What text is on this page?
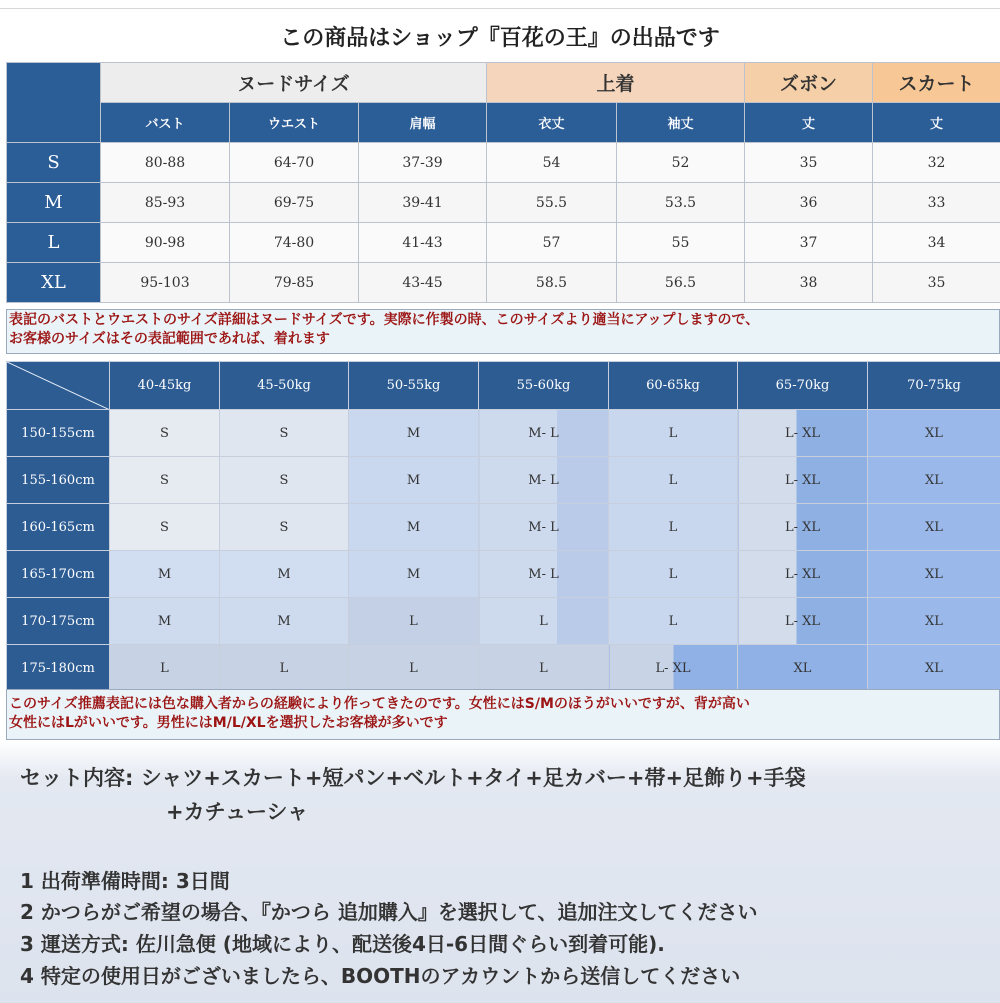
この商品はショップ『百花の王』の出品です
	ヌードサイズ			上着		ズボン	スカート
	バスト	ウエスト	肩幅	衣丈	袖丈	丈	丈
S	80-88	64-70	37-39	54	52	35	32
M	85-93	69-75	39-41	55.5	53.5	36	33
L	90-98	74-80	41-43	57	55	37	34
XL	95-103	79-85	43-45	58.5	56.5	38	35
表記のバストとウエストのサイズ詳細はヌードサイズです。実際に作製の時、このサイズより適当にアップしますので、
お客様のサイズはその表記範囲であれば、着れます
	40-45kg	45-50kg	50-55kg	55-60kg	60-65kg	65-70kg	70-75kg
150-155cm	S	S	M	M- L	L	L- XL	XL
155-160cm	S	S	M	M- L	L	L- XL	XL
160-165cm	S	S	M	M- L	L	L- XL	XL
165-170cm	M	M	M	M- L	L	L- XL	XL
170-175cm	M	M	L	L	L	L- XL	XL
175-180cm	L	L	L	L	L- XL	XL	XL
このサイズ推薦表記には色な購入者からの経験により作ってきたのです。女性にはS/Mのほうがいいですが、背が高い
女性にはLがいいです。男性にはM/L/XLを選択したお客様が多いです
セット内容: シャツ+スカート+短パン+ベルト+タイ+足カバー+帯+足飾り+手袋
+カチューシャ
1 出荷準備時間: 3日間
2 かつらがご希望の場合、『かつら 追加購入』を選択して、追加注文してください
3 運送方式: 佐川急便 (地域により、配送後4日-6日間ぐらい到着可能).
4 特定の使用日がございましたら、BOOTHのアカウントから送信してください
